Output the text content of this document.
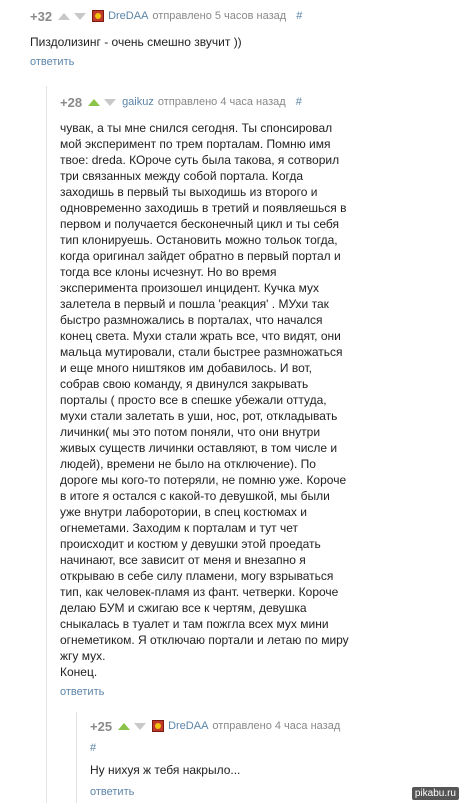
+32	DreDAA отправлено 5 часов назад #

Пиздолизинг - очень смешно звучит ))

ответить
+28	gaikuz отправлено 4 часа назад #

чувак, а ты мне снился сегодня. Ты спонсировал
мой эксперимент по трем порталам. Помню имя
твое: dreda. КОроче суть была такова, я сотворил
три связанных между собой портала. Когда
заходишь в первый ты выходишь из второго и
одновременно заходишь в третий и появляешься в
первом и получается бесконечный цикл и ты себя
тип клонируешь. Остановить можно тольок тогда,
когда оригинал зайдет обратно в первый портал и
тогда все клоны исчезнут. Но во время
эксперимента произошел инцидент. Кучка мух
залетела в первый и пошла 'реакция' . МУхи так
быстро размножались в порталах, что начался
конец света. Мухи стали жрать все, что видят, они
мальца мутировали, стали быстрее размножаться
и еще много ништяков им добавилось. И вот,
собрав свою команду, я двинулся закрывать
порталы ( просто все в спешке убежали оттуда,
мухи стали залетать в уши, нос, рот, откладывать
личинки( мы это потом поняли, что они внутри
живых существ личинки оставляют, в том числе и
людей), времени не было на отключение). По
дороге мы кого-то потеряли, не помню уже. Короче
в итоге я остался с какой-то девушкой, мы были
уже внутри лаборотории, в спец костюмах и
огнеметами. Заходим к порталам и тут чет
происходит и костюм у девушки этой проедать
начинают, все зависит от меня и внезапно я
открываю в себе силу пламени, могу взрываться
тип, как человек-пламя из фант. четверки. Короче
делаю БУМ и сжигаю все к чертям, девушка
сныкалась в туалет и там пожгла всех мух мини
огнеметиком. Я отключаю портали и летаю по миру
жгу мух.
Конец.

ответить
+25	DreDAA отправлено 4 часа назад
#

Ну нихуя ж тебя накрыло...

ответить	pikabu.ru
